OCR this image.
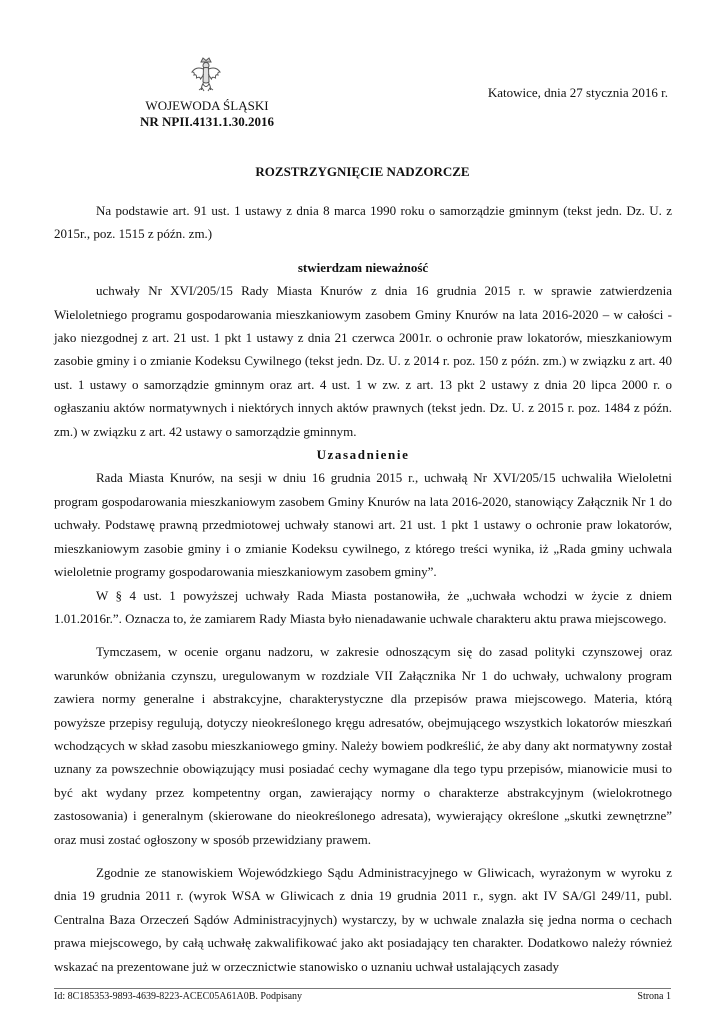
WOJEWODA ŚLĄSKI
NR NPII.4131.1.30.2016
Katowice, dnia 27 stycznia 2016 r.
ROZSTRZYGNIĘCIE NADZORCZE

Na podstawie art. 91 ust. 1 ustawy z dnia 8 marca 1990 roku o samorządzie gminnym (tekst jedn. Dz. U. z 2015r., poz. 1515 z późn. zm.)

stwierdzam nieważność

uchwały Nr XVI/205/15 Rady Miasta Knurów z dnia 16 grudnia 2015 r. w sprawie zatwierdzenia Wieloletniego programu gospodarowania mieszkaniowym zasobem Gminy Knurów na lata 2016-2020 – w całości - jako niezgodnej z art. 21 ust. 1 pkt 1 ustawy z dnia 21 czerwca 2001r. o ochronie praw lokatorów, mieszkaniowym zasobie gminy i o zmianie Kodeksu Cywilnego (tekst jedn. Dz. U. z 2014 r. poz. 150 z późn. zm.) w związku z art. 40 ust. 1 ustawy o samorządzie gminnym oraz art. 4 ust. 1 w zw. z art. 13 pkt 2 ustawy z dnia 20 lipca 2000 r. o ogłaszaniu aktów normatywnych i niektórych innych aktów prawnych (tekst jedn. Dz. U. z 2015 r. poz. 1484 z późn. zm.) w związku z art. 42 ustawy o samorządzie gminnym.

Uzasadnienie

Rada Miasta Knurów, na sesji w dniu 16 grudnia 2015 r., uchwałą Nr XVI/205/15 uchwaliła Wieloletni program gospodarowania mieszkaniowym zasobem Gminy Knurów na lata 2016-2020, stanowiący Załącznik Nr 1 do uchwały. Podstawę prawną przedmiotowej uchwały stanowi art. 21 ust. 1 pkt 1 ustawy o ochronie praw lokatorów, mieszkaniowym zasobie gminy i o zmianie Kodeksu cywilnego, z którego treści wynika, iż „Rada gminy uchwala wieloletnie programy gospodarowania mieszkaniowym zasobem gminy”.

W § 4 ust. 1 powyższej uchwały Rada Miasta postanowiła, że „uchwała wchodzi w życie z dniem 1.01.2016r.”. Oznacza to, że zamiarem Rady Miasta było nienadawanie uchwale charakteru aktu prawa miejscowego.

Tymczasem, w ocenie organu nadzoru, w zakresie odnoszącym się do zasad polityki czynszowej oraz warunków obniżania czynszu, uregulowanym w rozdziale VII Załącznika Nr 1 do uchwały, uchwalony program zawiera normy generalne i abstrakcyjne, charakterystyczne dla przepisów prawa miejscowego. Materia, którą powyższe przepisy regulują, dotyczy nieokreślonego kręgu adresatów, obejmującego wszystkich lokatorów mieszkań wchodzących w skład zasobu mieszkaniowego gminy. Należy bowiem podkreślić, że aby dany akt normatywny został uznany za powszechnie obowiązujący musi posiadać cechy wymagane dla tego typu przepisów, mianowicie musi to być akt wydany przez kompetentny organ, zawierający normy o charakterze abstrakcyjnym (wielokrotnego zastosowania) i generalnym (skierowane do nieokreślonego adresata), wywierający określone „skutki zewnętrzne” oraz musi zostać ogłoszony w sposób przewidziany prawem.

Zgodnie ze stanowiskiem Wojewódzkiego Sądu Administracyjnego w Gliwicach, wyrażonym w wyroku z dnia 19 grudnia 2011 r. (wyrok WSA w Gliwicach z dnia 19 grudnia 2011 r., sygn. akt IV SA/Gl 249/11, publ. Centralna Baza Orzeczeń Sądów Administracyjnych) wystarczy, by w uchwale znalazła się jedna norma o cechach prawa miejscowego, by całą uchwałę zakwalifikować jako akt posiadający ten charakter. Dodatkowo należy również wskazać na prezentowane już w orzecznictwie stanowisko o uznaniu uchwał ustalających zasady

Id: 8C185353-9893-4639-8223-ACEC05A61A0B. Podpisany	Strona 1
